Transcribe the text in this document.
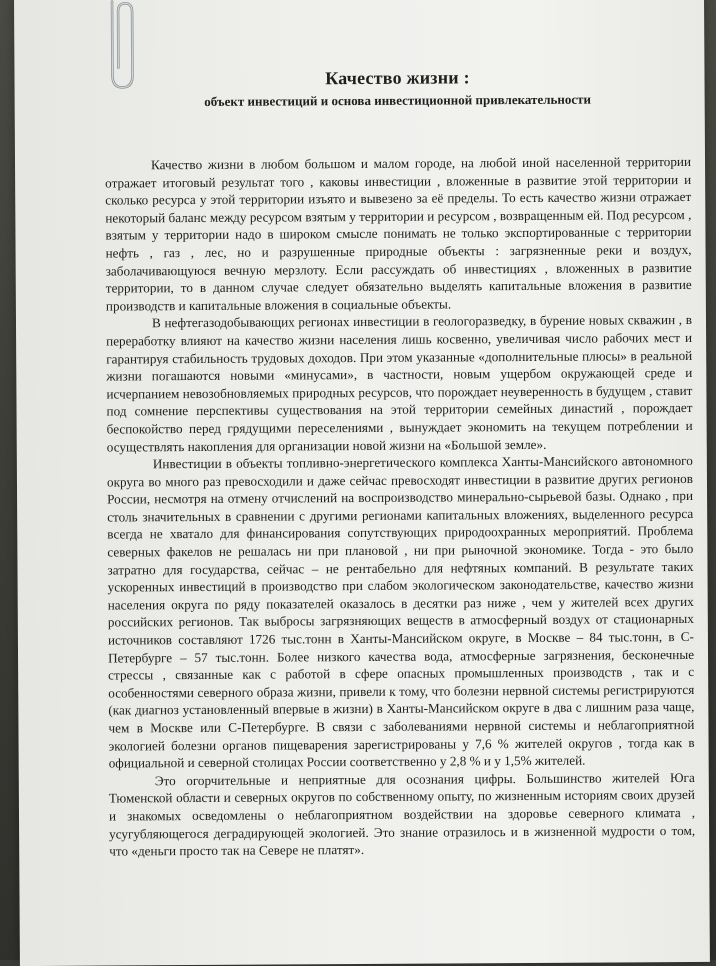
Качество жизни :
объект инвестиций и основа инвестиционной привлекательности

Качество жизни в любом большом и малом городе, на любой иной населенной территории отражает итоговый результат того , каковы инвестиции , вложенные в развитие этой территории и сколько ресурса у этой территории изъято и вывезено за её пределы. То есть качество жизни отражает некоторый баланс между ресурсом взятым у территории и ресурсом , возвращенным ей. Под ресурсом , взятым у территории надо в широком смысле понимать не только экспортированные с территории нефть , газ , лес, но и разрушенные природные объекты : загрязненные реки и воздух, заболачивающуюся вечную мерзлоту. Если рассуждать об инвестициях , вложенных в развитие территории, то в данном случае следует обязательно выделять капитальные вложения в развитие производств и капитальные вложения в социальные объекты.

В нефтегазодобывающих регионах инвестиции в геологоразведку, в бурение новых скважин , в переработку влияют на качество жизни населения лишь косвенно, увеличивая число рабочих мест и гарантируя стабильность трудовых доходов. При этом указанные «дополнительные плюсы» в реальной жизни погашаются новыми «минусами», в частности, новым ущербом окружающей среде и исчерпанием невозобновляемых природных ресурсов, что порождает неуверенность в будущем , ставит под сомнение перспективы существования на этой территории семейных династий , порождает беспокойство перед грядущими переселениями , вынуждает экономить на текущем потреблении и осуществлять накопления для организации новой жизни на «Большой земле».

Инвестиции в объекты топливно-энергетического комплекса Ханты-Мансийского автономного округа во много раз превосходили и даже сейчас превосходят инвестиции в развитие других регионов России, несмотря на отмену отчислений на воспроизводство минерально-сырьевой базы. Однако , при столь значительных в сравнении с другими регионами капитальных вложениях, выделенного ресурса всегда не хватало для финансирования сопутствующих природоохранных мероприятий. Проблема северных факелов не решалась ни при плановой , ни при рыночной экономике. Тогда - это было затратно для государства, сейчас – не рентабельно для нефтяных компаний. В результате таких ускоренных инвестиций в производство при слабом экологическом законодательстве, качество жизни населения округа по ряду показателей оказалось в десятки раз ниже , чем у жителей всех других российских регионов. Так выбросы загрязняющих веществ в атмосферный воздух от стационарных источников составляют 1726 тыс.тонн в Ханты-Мансийском округе, в Москве – 84 тыс.тонн, в С-Петербурге – 57 тыс.тонн. Более низкого качества вода, атмосферные загрязнения, бесконечные стрессы , связанные как с работой в сфере опасных промышленных производств , так и с особенностями северного образа жизни, привели к тому, что болезни нервной системы регистрируются (как диагноз установленный впервые в жизни) в Ханты-Мансийском округе в два с лишним раза чаще, чем в Москве или С-Петербурге. В связи с заболеваниями нервной системы и неблагоприятной экологией болезни органов пищеварения зарегистрированы у 7,6 % жителей округов , тогда как в официальной и северной столицах России соответственно у 2,8 % и у 1,5% жителей.

Это огорчительные и неприятные для осознания цифры. Большинство жителей Юга Тюменской области и северных округов по собственному опыту, по жизненным историям своих друзей и знакомых осведомлены о неблагоприятном воздействии на здоровье северного климата , усугубляющегося деградирующей экологией. Это знание отразилось и в жизненной мудрости о том, что «деньги просто так на Севере не платят».
